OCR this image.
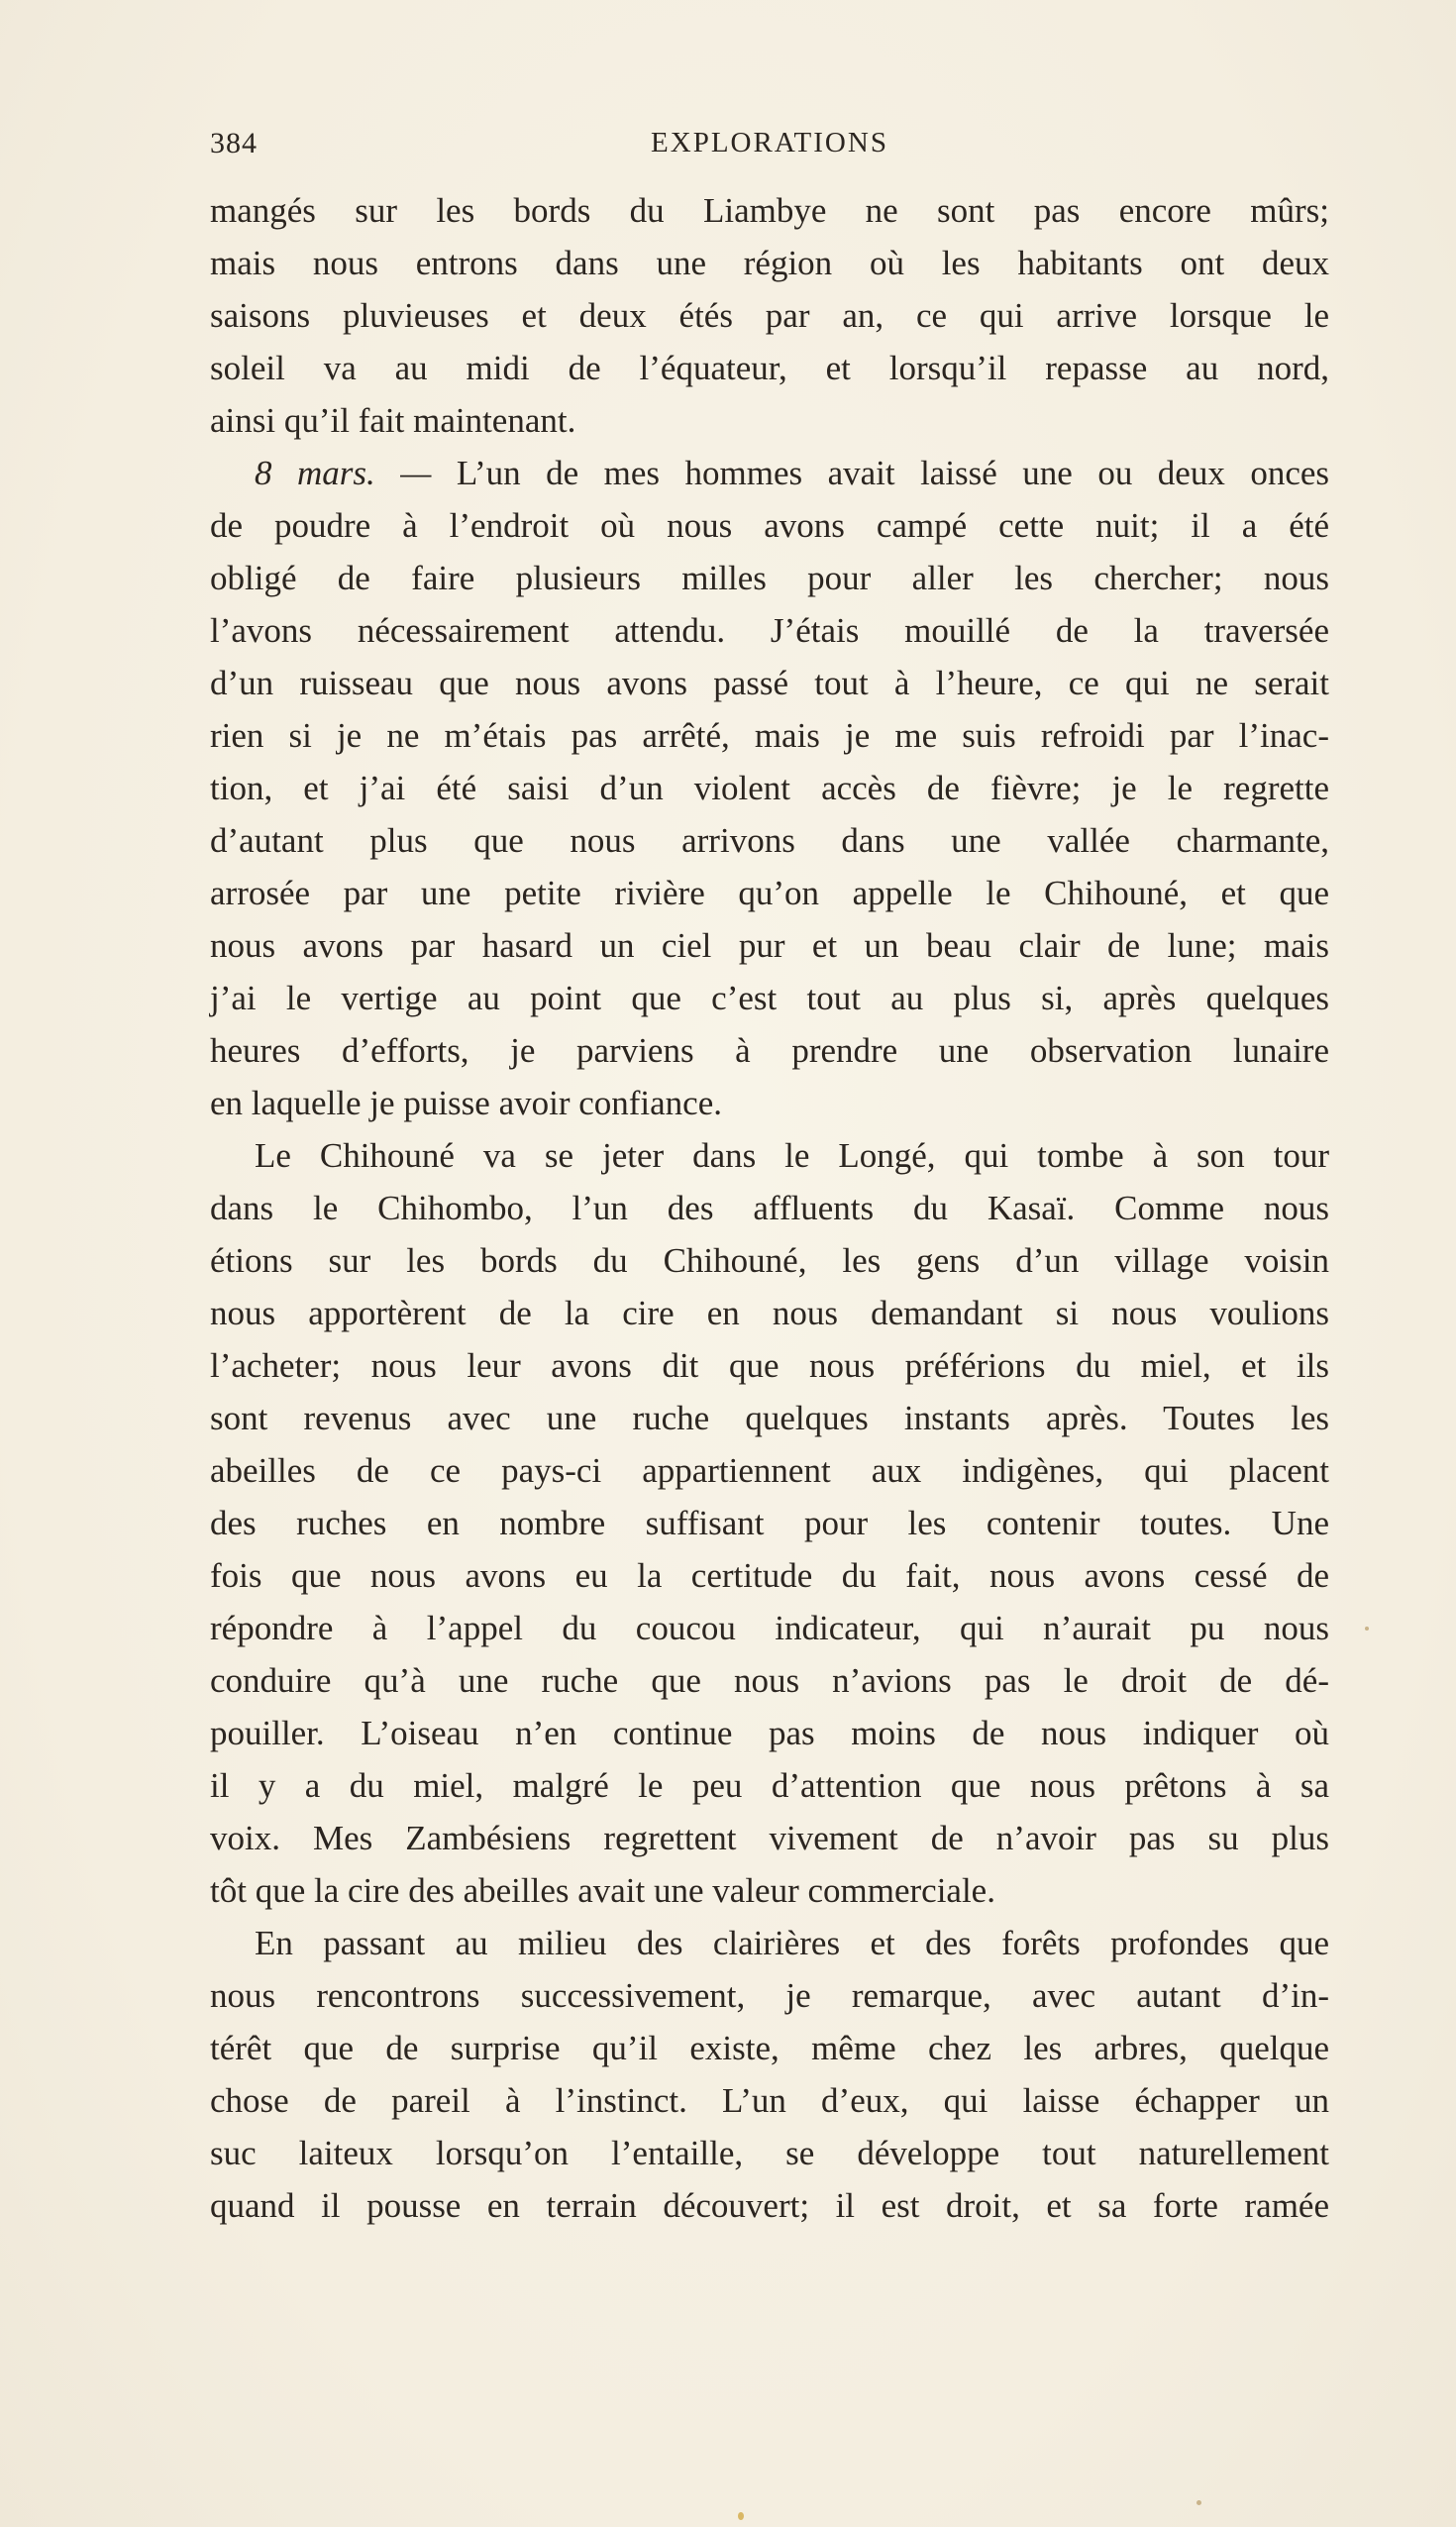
384	EXPLORATIONS
mangés sur les bords du Liambye ne sont pas encore mûrs;
mais nous entrons dans une région où les habitants ont deux
saisons pluvieuses et deux étés par an, ce qui arrive lorsque le
soleil va au midi de l’équateur, et lorsqu’il repasse au nord,
ainsi qu’il fait maintenant.
8 mars. — L’un de mes hommes avait laissé une ou deux onces
de poudre à l’endroit où nous avons campé cette nuit; il a été
obligé de faire plusieurs milles pour aller les chercher; nous
l’avons nécessairement attendu. J’étais mouillé de la traversée
d’un ruisseau que nous avons passé tout à l’heure, ce qui ne serait
rien si je ne m’étais pas arrêté, mais je me suis refroidi par l’inac-
tion, et j’ai été saisi d’un violent accès de fièvre; je le regrette
d’autant plus que nous arrivons dans une vallée charmante,
arrosée par une petite rivière qu’on appelle le Chihouné, et que
nous avons par hasard un ciel pur et un beau clair de lune; mais
j’ai le vertige au point que c’est tout au plus si, après quelques
heures d’efforts, je parviens à prendre une observation lunaire
en laquelle je puisse avoir confiance.
Le Chihouné va se jeter dans le Longé, qui tombe à son tour
dans le Chihombo, l’un des affluents du Kasaï. Comme nous
étions sur les bords du Chihouné, les gens d’un village voisin
nous apportèrent de la cire en nous demandant si nous voulions
l’acheter; nous leur avons dit que nous préférions du miel, et ils
sont revenus avec une ruche quelques instants après. Toutes les
abeilles de ce pays-ci appartiennent aux indigènes, qui placent
des ruches en nombre suffisant pour les contenir toutes. Une
fois que nous avons eu la certitude du fait, nous avons cessé de
répondre à l’appel du coucou indicateur, qui n’aurait pu nous
conduire qu’à une ruche que nous n’avions pas le droit de dé-
pouiller. L’oiseau n’en continue pas moins de nous indiquer où
il y a du miel, malgré le peu d’attention que nous prêtons à sa
voix. Mes Zambésiens regrettent vivement de n’avoir pas su plus
tôt que la cire des abeilles avait une valeur commerciale.
En passant au milieu des clairières et des forêts profondes que
nous rencontrons successivement, je remarque, avec autant d’in-
térêt que de surprise qu’il existe, même chez les arbres, quelque
chose de pareil à l’instinct. L’un d’eux, qui laisse échapper un
suc laiteux lorsqu’on l’entaille, se développe tout naturellement
quand il pousse en terrain découvert; il est droit, et sa forte ramée
